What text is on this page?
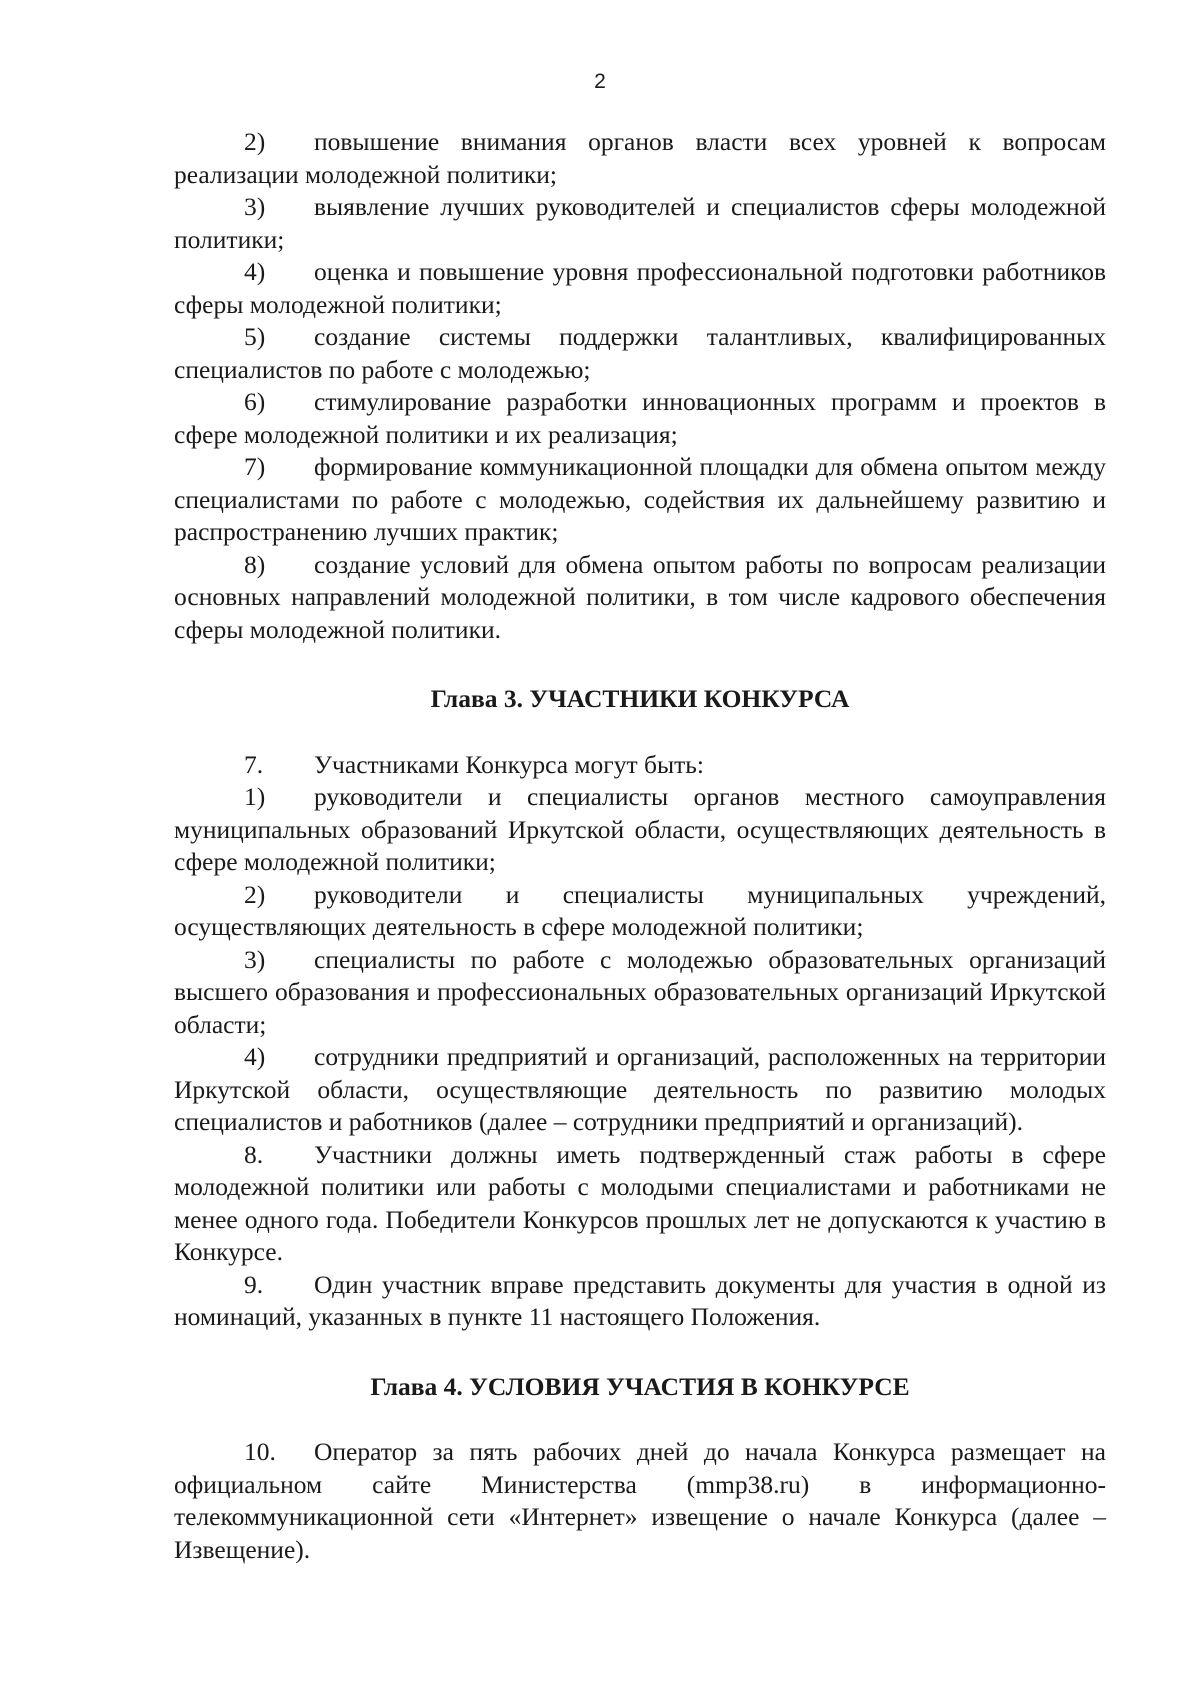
2

2) повышение внимания органов власти всех уровней к вопросам реализации молодежной политики;

3) выявление лучших руководителей и специалистов сферы молодежной политики;

4) оценка и повышение уровня профессиональной подготовки работников сферы молодежной политики;

5) создание системы поддержки талантливых, квалифицированных специалистов по работе с молодежью;

6) стимулирование разработки инновационных программ и проектов в сфере молодежной политики и их реализация;

7) формирование коммуникационной площадки для обмена опытом между специалистами по работе с молодежью, содействия их дальнейшему развитию и распространению лучших практик;

8) создание условий для обмена опытом работы по вопросам реализации основных направлений молодежной политики, в том числе кадрового обеспечения сферы молодежной политики.

Глава 3. УЧАСТНИКИ КОНКУРСА

7. Участниками Конкурса могут быть:

1) руководители и специалисты органов местного самоуправления муниципальных образований Иркутской области, осуществляющих деятельность в сфере молодежной политики;

2) руководители и специалисты муниципальных учреждений, осуществляющих деятельность в сфере молодежной политики;

3) специалисты по работе с молодежью образовательных организаций высшего образования и профессиональных образовательных организаций Иркутской области;

4) сотрудники предприятий и организаций, расположенных на территории Иркутской области, осуществляющие деятельность по развитию молодых специалистов и работников (далее – сотрудники предприятий и организаций).

8. Участники должны иметь подтвержденный стаж работы в сфере молодежной политики или работы с молодыми специалистами и работниками не менее одного года. Победители Конкурсов прошлых лет не допускаются к участию в Конкурсе.

9. Один участник вправе представить документы для участия в одной из номинаций, указанных в пункте 11 настоящего Положения.

Глава 4. УСЛОВИЯ УЧАСТИЯ В КОНКУРСЕ

10. Оператор за пять рабочих дней до начала Конкурса размещает на официальном сайте Министерства (mmp38.ru) в информационно-телекоммуникационной сети «Интернет» извещение о начале Конкурса (далее – Извещение).
